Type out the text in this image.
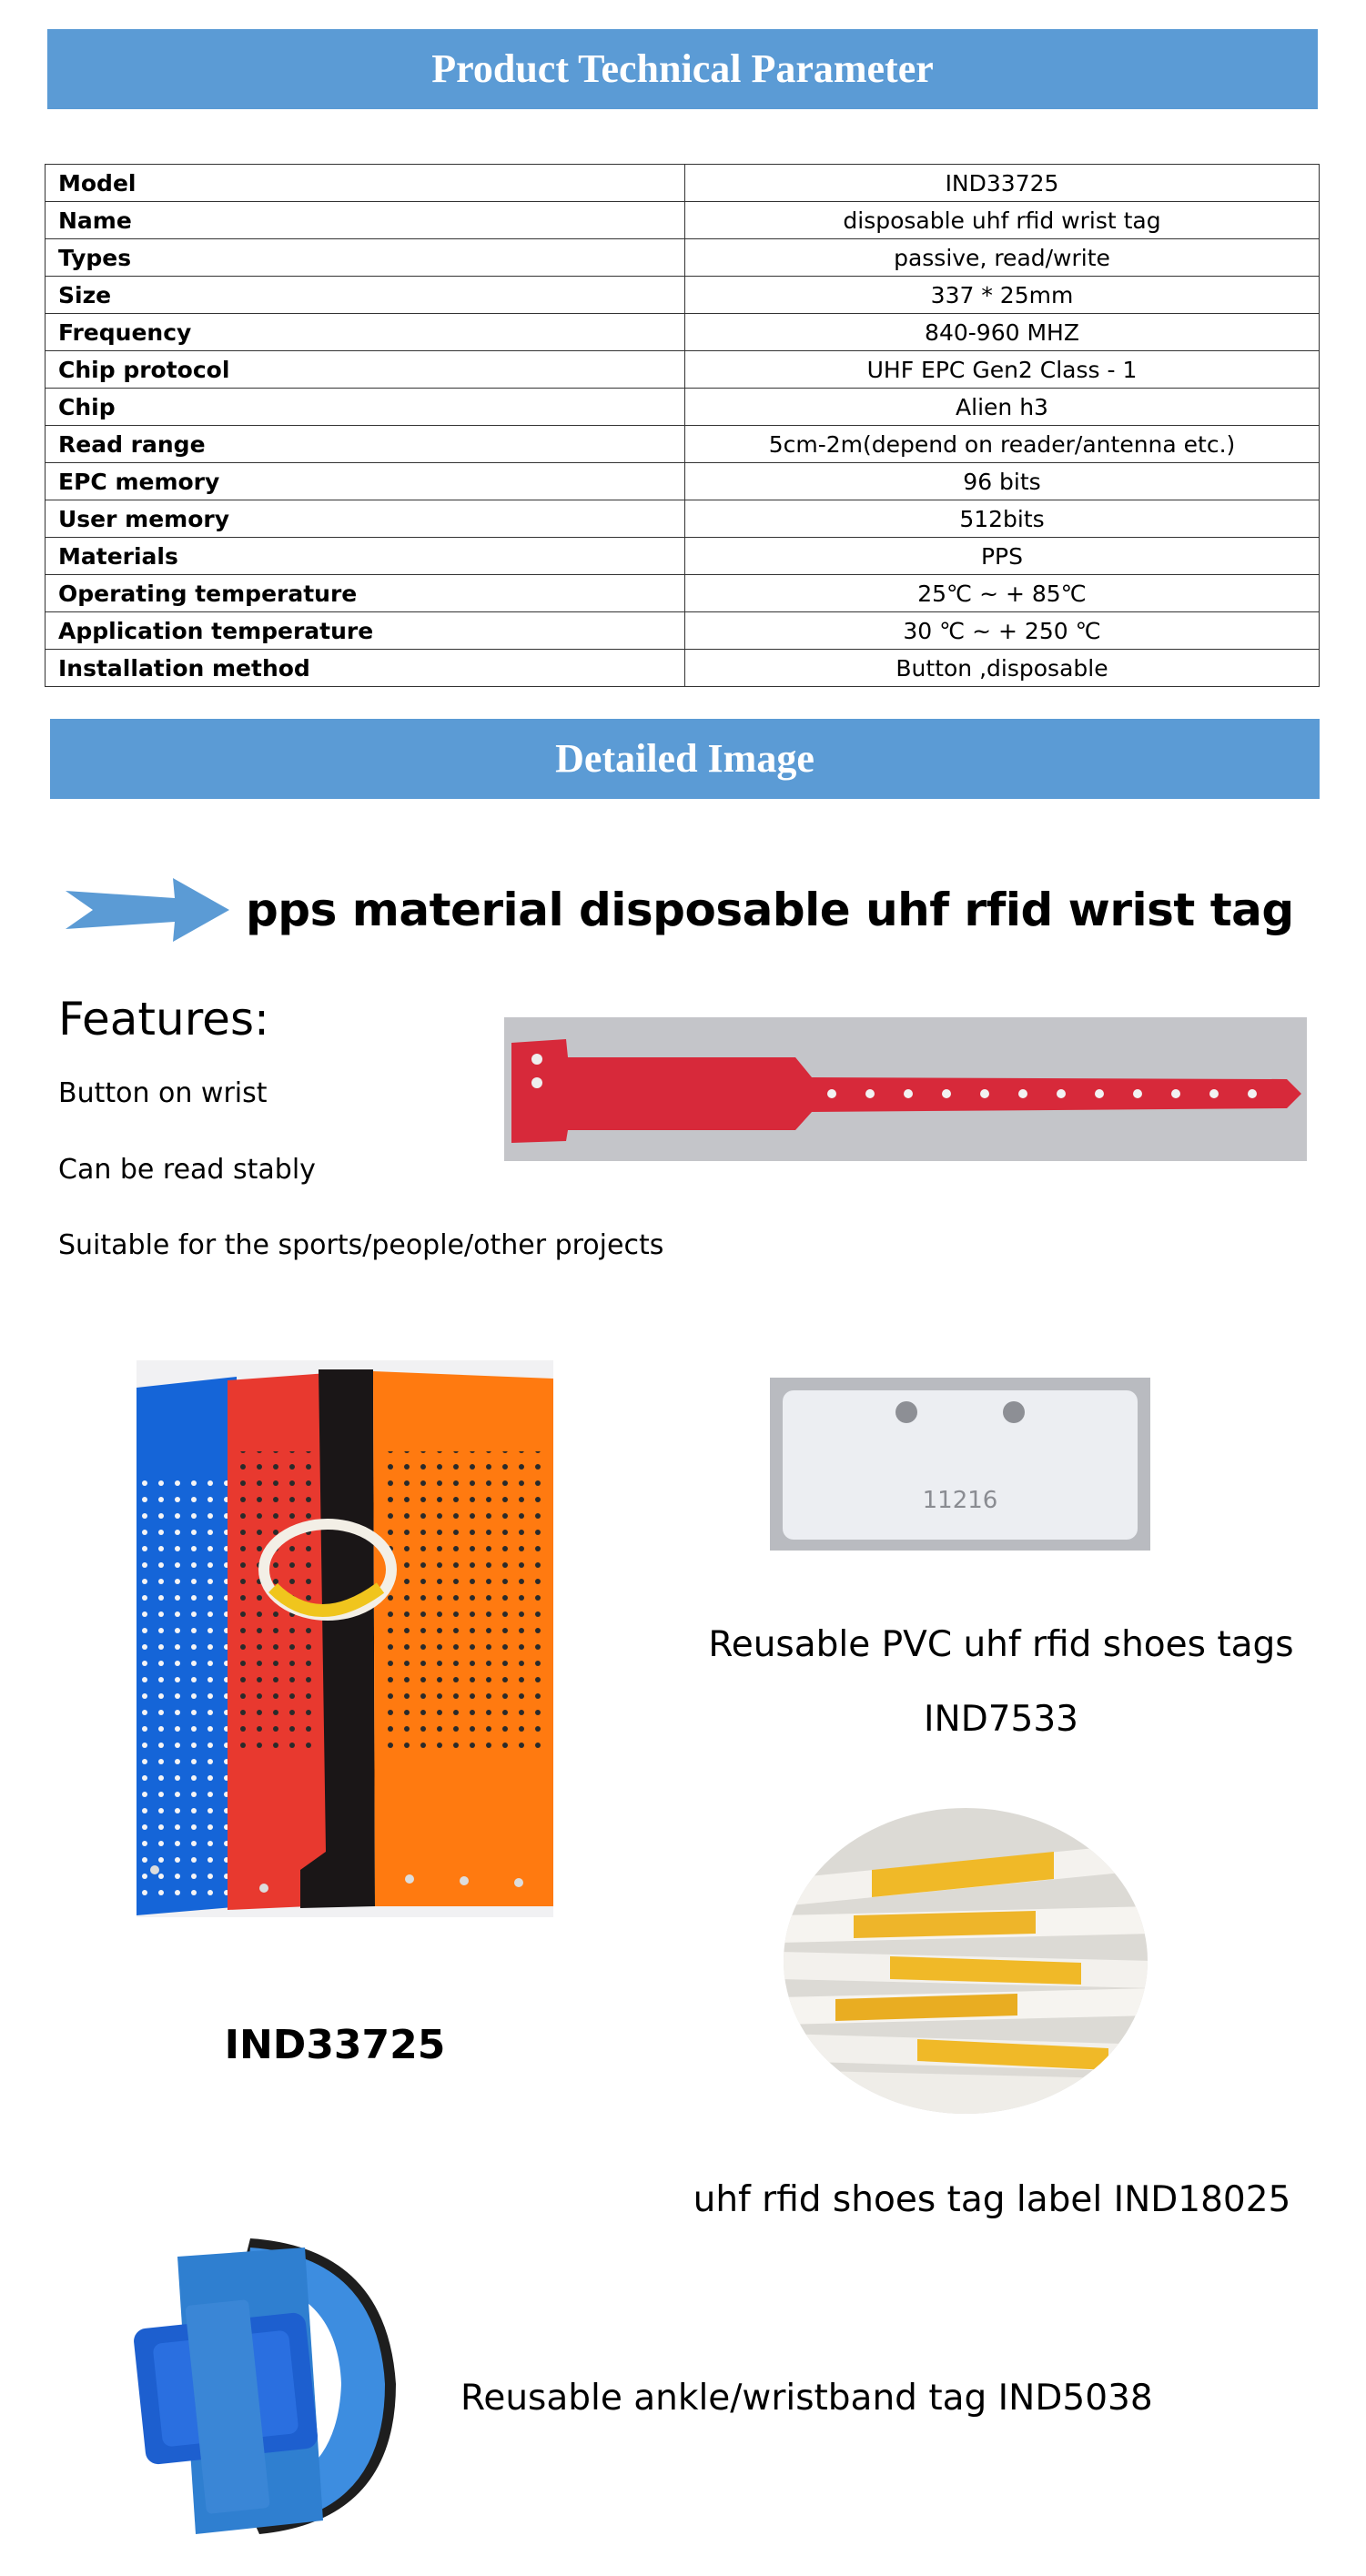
Product Technical Parameter
Model	IND33725
Name	disposable uhf rfid wrist tag
Types	passive, read/write
Size	337 * 25mm
Frequency	840-960 MHZ
Chip protocol	UHF EPC Gen2 Class - 1
Chip	Alien h3
Read range	5cm-2m(depend on reader/antenna etc.)
EPC memory	96 bits
User memory	512bits
Materials	PPS
Operating temperature	25℃ ~ + 85℃
Application temperature	30 ℃ ~ + 250 ℃
Installation method	Button ,disposable
Detailed Image
pps material disposable uhf rfid wrist tag
Features:
Button on wrist
Can be read stably
Suitable for the sports/people/other projects
11216
Reusable PVC uhf rfid shoes tags
IND7533
IND33725
uhf rfid shoes tag label IND18025
Reusable ankle/wristband tag IND5038
